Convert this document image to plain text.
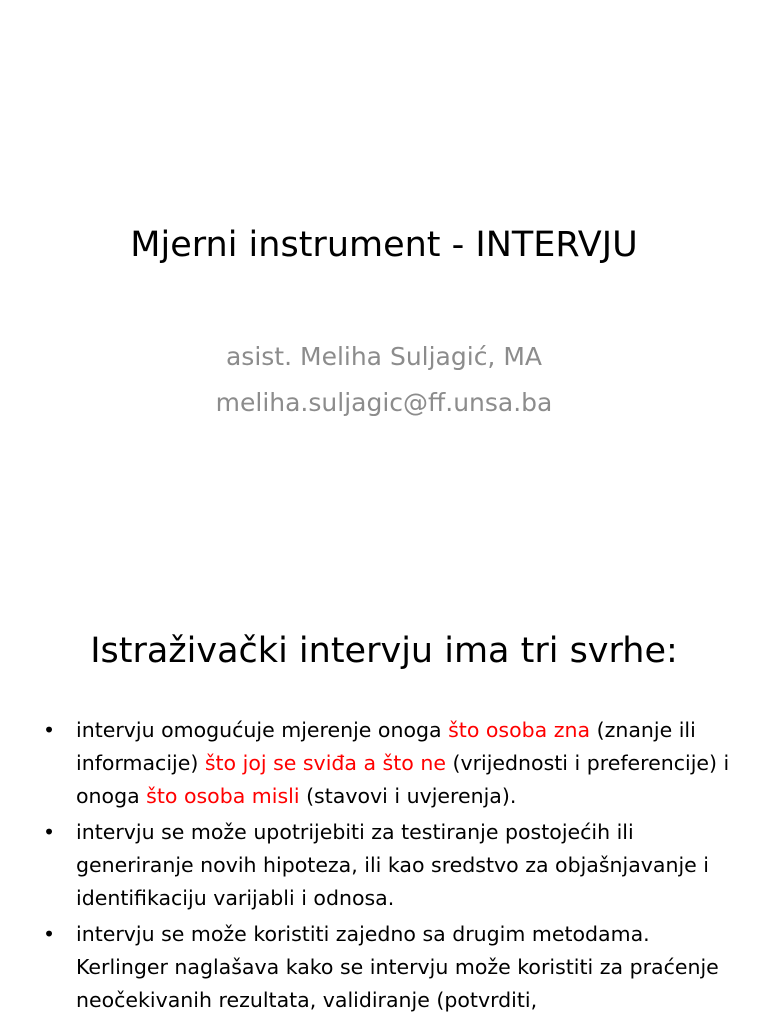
Mjerni instrument - INTERVJU
asist. Meliha Suljagić, MA
meliha.suljagic@ff.unsa.ba
Istraživački intervju ima tri svrhe:
• intervju omogućuje mjerenje onoga što osoba zna (znanje ili informacije) što joj se sviđa a što ne (vrijednosti i preferencije) i onoga što osoba misli (stavovi i uvjerenja).
• intervju se može upotrijebiti za testiranje postojećih ili generiranje novih hipoteza, ili kao sredstvo za objašnjavanje i identifikaciju varijabli i odnosa.
• intervju se može koristiti zajedno sa drugim metodama. Kerlinger naglašava kako se intervju može koristiti za praćenje neočekivanih rezultata, validiranje (potvrditi,
